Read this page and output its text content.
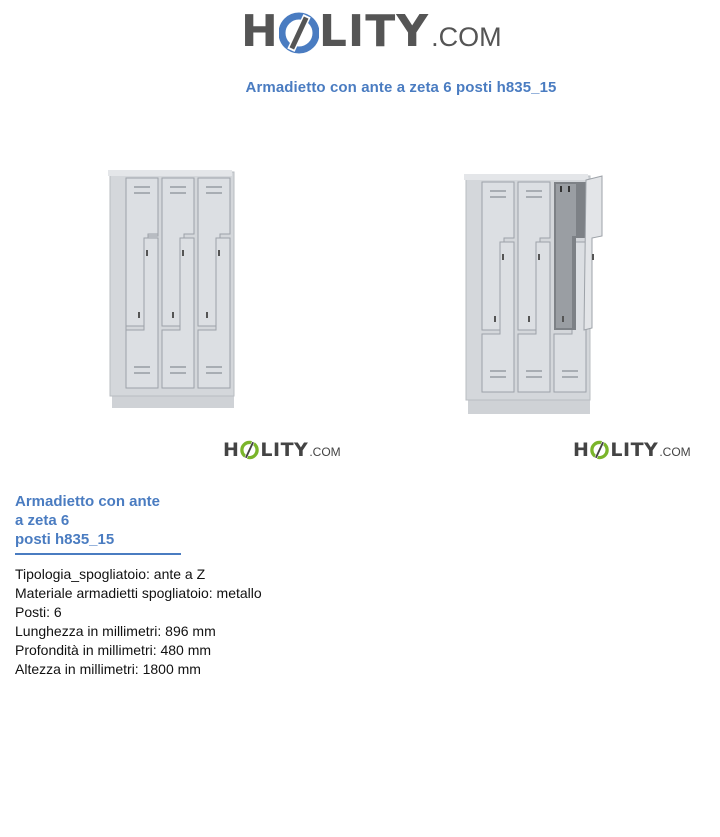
H LITY .COM
Armadietto con ante a zeta 6 posti h835_15
H LITY .COM	H LITY .COM
Armadietto con ante
a zeta 6
posti h835_15
Tipologia_spogliatoio: ante a Z
Materiale armadietti spogliatoio: metallo
Posti: 6
Lunghezza in millimetri: 896 mm
Profondità in millimetri: 480 mm
Altezza in millimetri: 1800 mm
